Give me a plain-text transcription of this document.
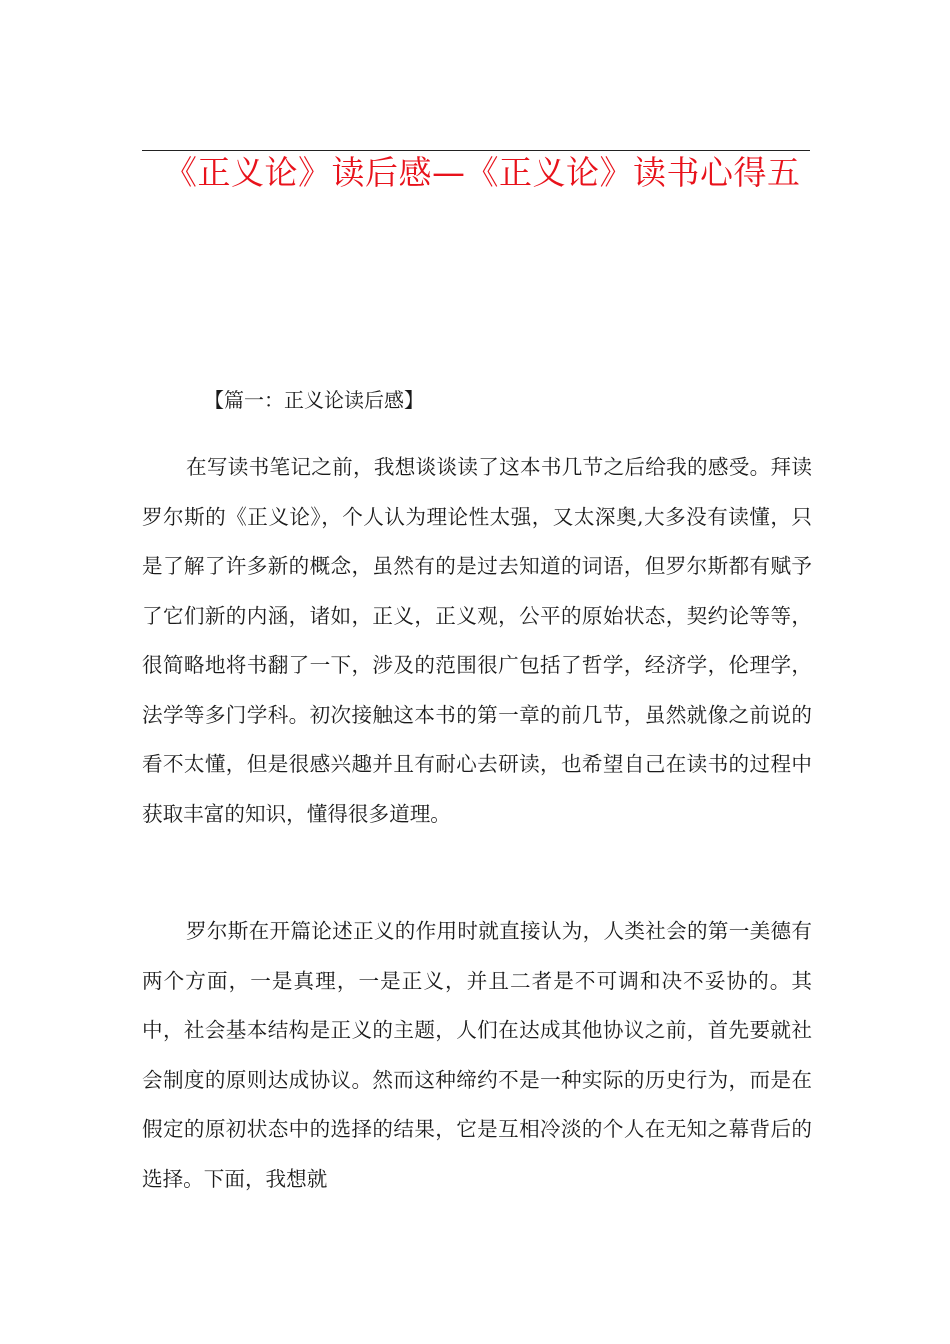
《正义论》读后感—《正义论》读书心得五

【篇一：正义论读后感】

在写读书笔记之前，我想谈谈读了这本书几节之后给我的感受。拜读罗尔斯的《正义论》，个人认为理论性太强，又太深奥,大多没有读懂，只是了解了许多新的概念，虽然有的是过去知道的词语，但罗尔斯都有赋予了它们新的内涵，诸如，正义，正义观，公平的原始状态，契约论等等，很简略地将书翻了一下，涉及的范围很广包括了哲学，经济学，伦理学，法学等多门学科。初次接触这本书的第一章的前几节，虽然就像之前说的看不太懂，但是很感兴趣并且有耐心去研读，也希望自己在读书的过程中获取丰富的知识，懂得很多道理。

罗尔斯在开篇论述正义的作用时就直接认为，人类社会的第一美德有两个方面，一是真理，一是正义，并且二者是不可调和决不妥协的。其中，社会基本结构是正义的主题，人们在达成其他协议之前，首先要就社会制度的原则达成协议。然而这种缔约不是一种实际的历史行为，而是在假定的原初状态中的选择的结果，它是互相冷淡的个人在无知之幕背后的选择。下面，我想就
